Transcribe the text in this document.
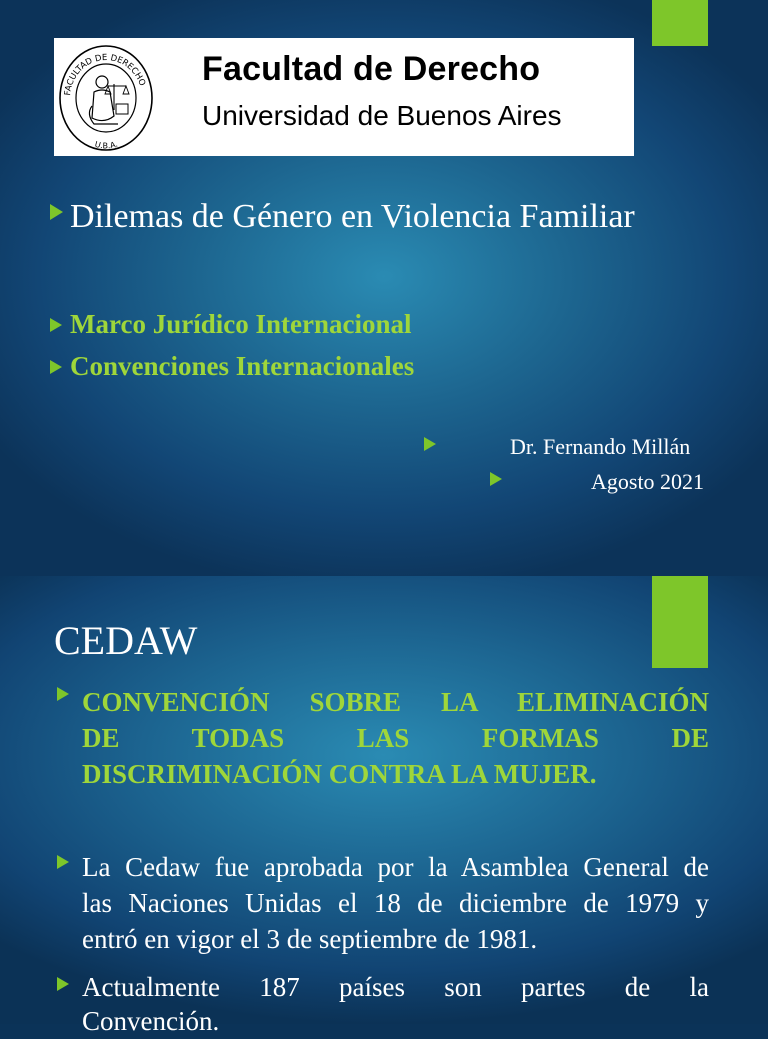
FACULTAD DE DERECHO
U.B.A.
Facultad de Derecho
Universidad de Buenos Aires
Dilemas de Género en Violencia Familiar
Marco Jurídico Internacional
Convenciones Internacionales
Dr. Fernando Millán
Agosto 2021
CEDAW
CONVENCIÓN SOBRE LA ELIMINACIÓN
DE TODAS LAS FORMAS DE
DISCRIMINACIÓN CONTRA LA MUJER.
La Cedaw fue aprobada por la Asamblea General de
las Naciones Unidas el 18 de diciembre de 1979 y
entró en vigor el 3 de septiembre de 1981.
Actualmente 187 países son partes de la
Convención.
